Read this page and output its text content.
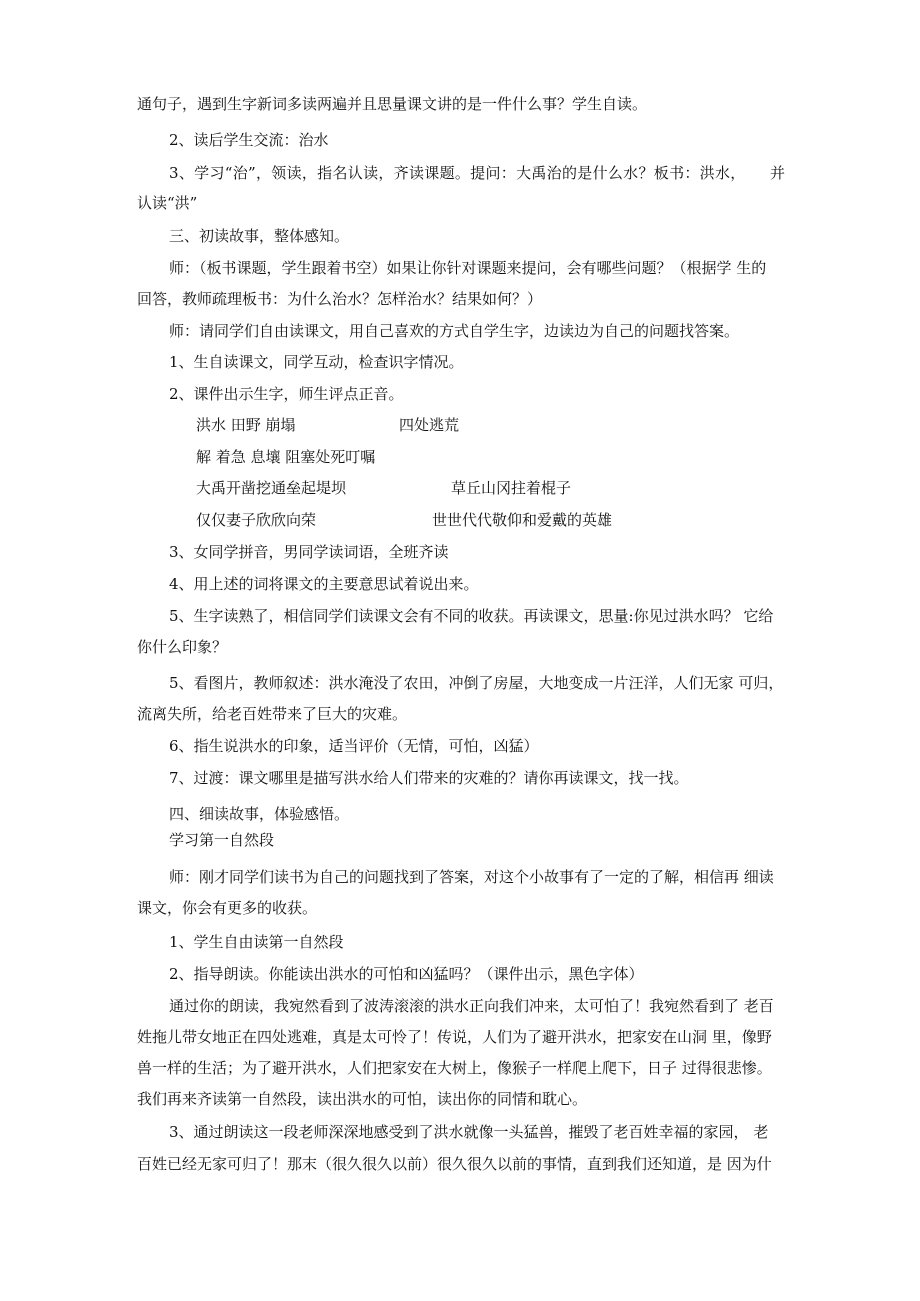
通句子，遇到生字新词多读两遍并且思量课文讲的是一件什么事？学生自读。
2、读后学生交流：治水
3、学习“治”，领读，指名认读，齐读课题。提问：大禹治的是什么水？板书：洪水， 并
认读“洪”
三、初读故事，整体感知。
师：（板书课题，学生跟着书空）如果让你针对课题来提问，会有哪些问题？（根据学 生的
回答，教师疏理板书：为什么治水？怎样治水？结果如何？）
师：请同学们自由读课文，用自己喜欢的方式自学生字，边读边为自己的问题找答案。
1、生自读课文，同学互动，检查识字情况。
2、课件出示生字，师生评点正音。
洪水 田野 崩塌	四处逃荒
解 着急 息壤 阻塞处死叮嘱
大禹开凿挖通垒起堤坝	草丘山冈拄着棍子
仅仅妻子欣欣向荣	世世代代敬仰和爱戴的英雄
3、女同学拼音，男同学读词语，全班齐读
4、用上述的词将课文的主要意思试着说出来。
5、生字读熟了，相信同学们读课文会有不同的收获。再读课文，思量:你见过洪水吗？ 它给
你什么印象？
5、看图片，教师叙述：洪水淹没了农田，冲倒了房屋，大地变成一片汪洋，人们无家 可归，
流离失所，给老百姓带来了巨大的灾难。
6、指生说洪水的印象，适当评价（无情，可怕，凶猛）
7、过渡：课文哪里是描写洪水给人们带来的灾难的？请你再读课文，找一找。
四、细读故事，体验感悟。
学习第一自然段
师：刚才同学们读书为自己的问题找到了答案，对这个小故事有了一定的了解，相信再 细读
课文，你会有更多的收获。
1、学生自由读第一自然段
2、指导朗读。你能读出洪水的可怕和凶猛吗？（课件出示，黑色字体）
通过你的朗读，我宛然看到了波涛滚滚的洪水正向我们冲来，太可怕了！我宛然看到了 老百
姓拖儿带女地正在四处逃难，真是太可怜了！传说，人们为了避开洪水，把家安在山洞 里，像野
兽一样的生活；为了避开洪水，人们把家安在大树上，像猴子一样爬上爬下，日子 过得很悲惨。
我们再来齐读第一自然段，读出洪水的可怕，读出你的同情和耽心。
3、通过朗读这一段老师深深地感受到了洪水就像一头猛兽，摧毁了老百姓幸福的家园， 老
百姓已经无家可归了！那末（很久很久以前）很久很久以前的事情，直到我们还知道，是 因为什
